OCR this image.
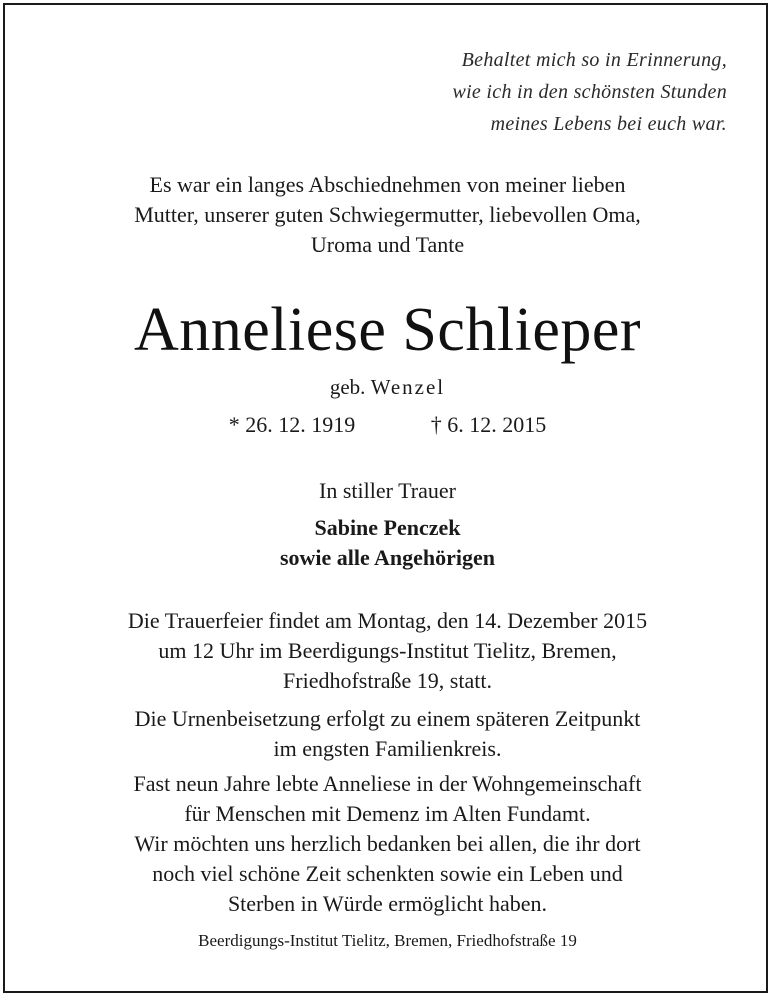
Behaltet mich so in Erinnerung,
wie ich in den schönsten Stunden
meines Lebens bei euch war.
Es war ein langes Abschiednehmen von meiner lieben
Mutter, unserer guten Schwiegermutter, liebevollen Oma,
Uroma und Tante
Anneliese Schlieper
geb. Wenzel
* 26. 12. 1919	† 6. 12. 2015
In stiller Trauer
Sabine Penczek
sowie alle Angehörigen
Die Trauerfeier findet am Montag, den 14. Dezember 2015
um 12 Uhr im Beerdigungs-Institut Tielitz, Bremen,
Friedhofstraße 19, statt.
Die Urnenbeisetzung erfolgt zu einem späteren Zeitpunkt
im engsten Familienkreis.
Fast neun Jahre lebte Anneliese in der Wohngemeinschaft
für Menschen mit Demenz im Alten Fundamt.
Wir möchten uns herzlich bedanken bei allen, die ihr dort
noch viel schöne Zeit schenkten sowie ein Leben und
Sterben in Würde ermöglicht haben.
Beerdigungs-Institut Tielitz, Bremen, Friedhofstraße 19
